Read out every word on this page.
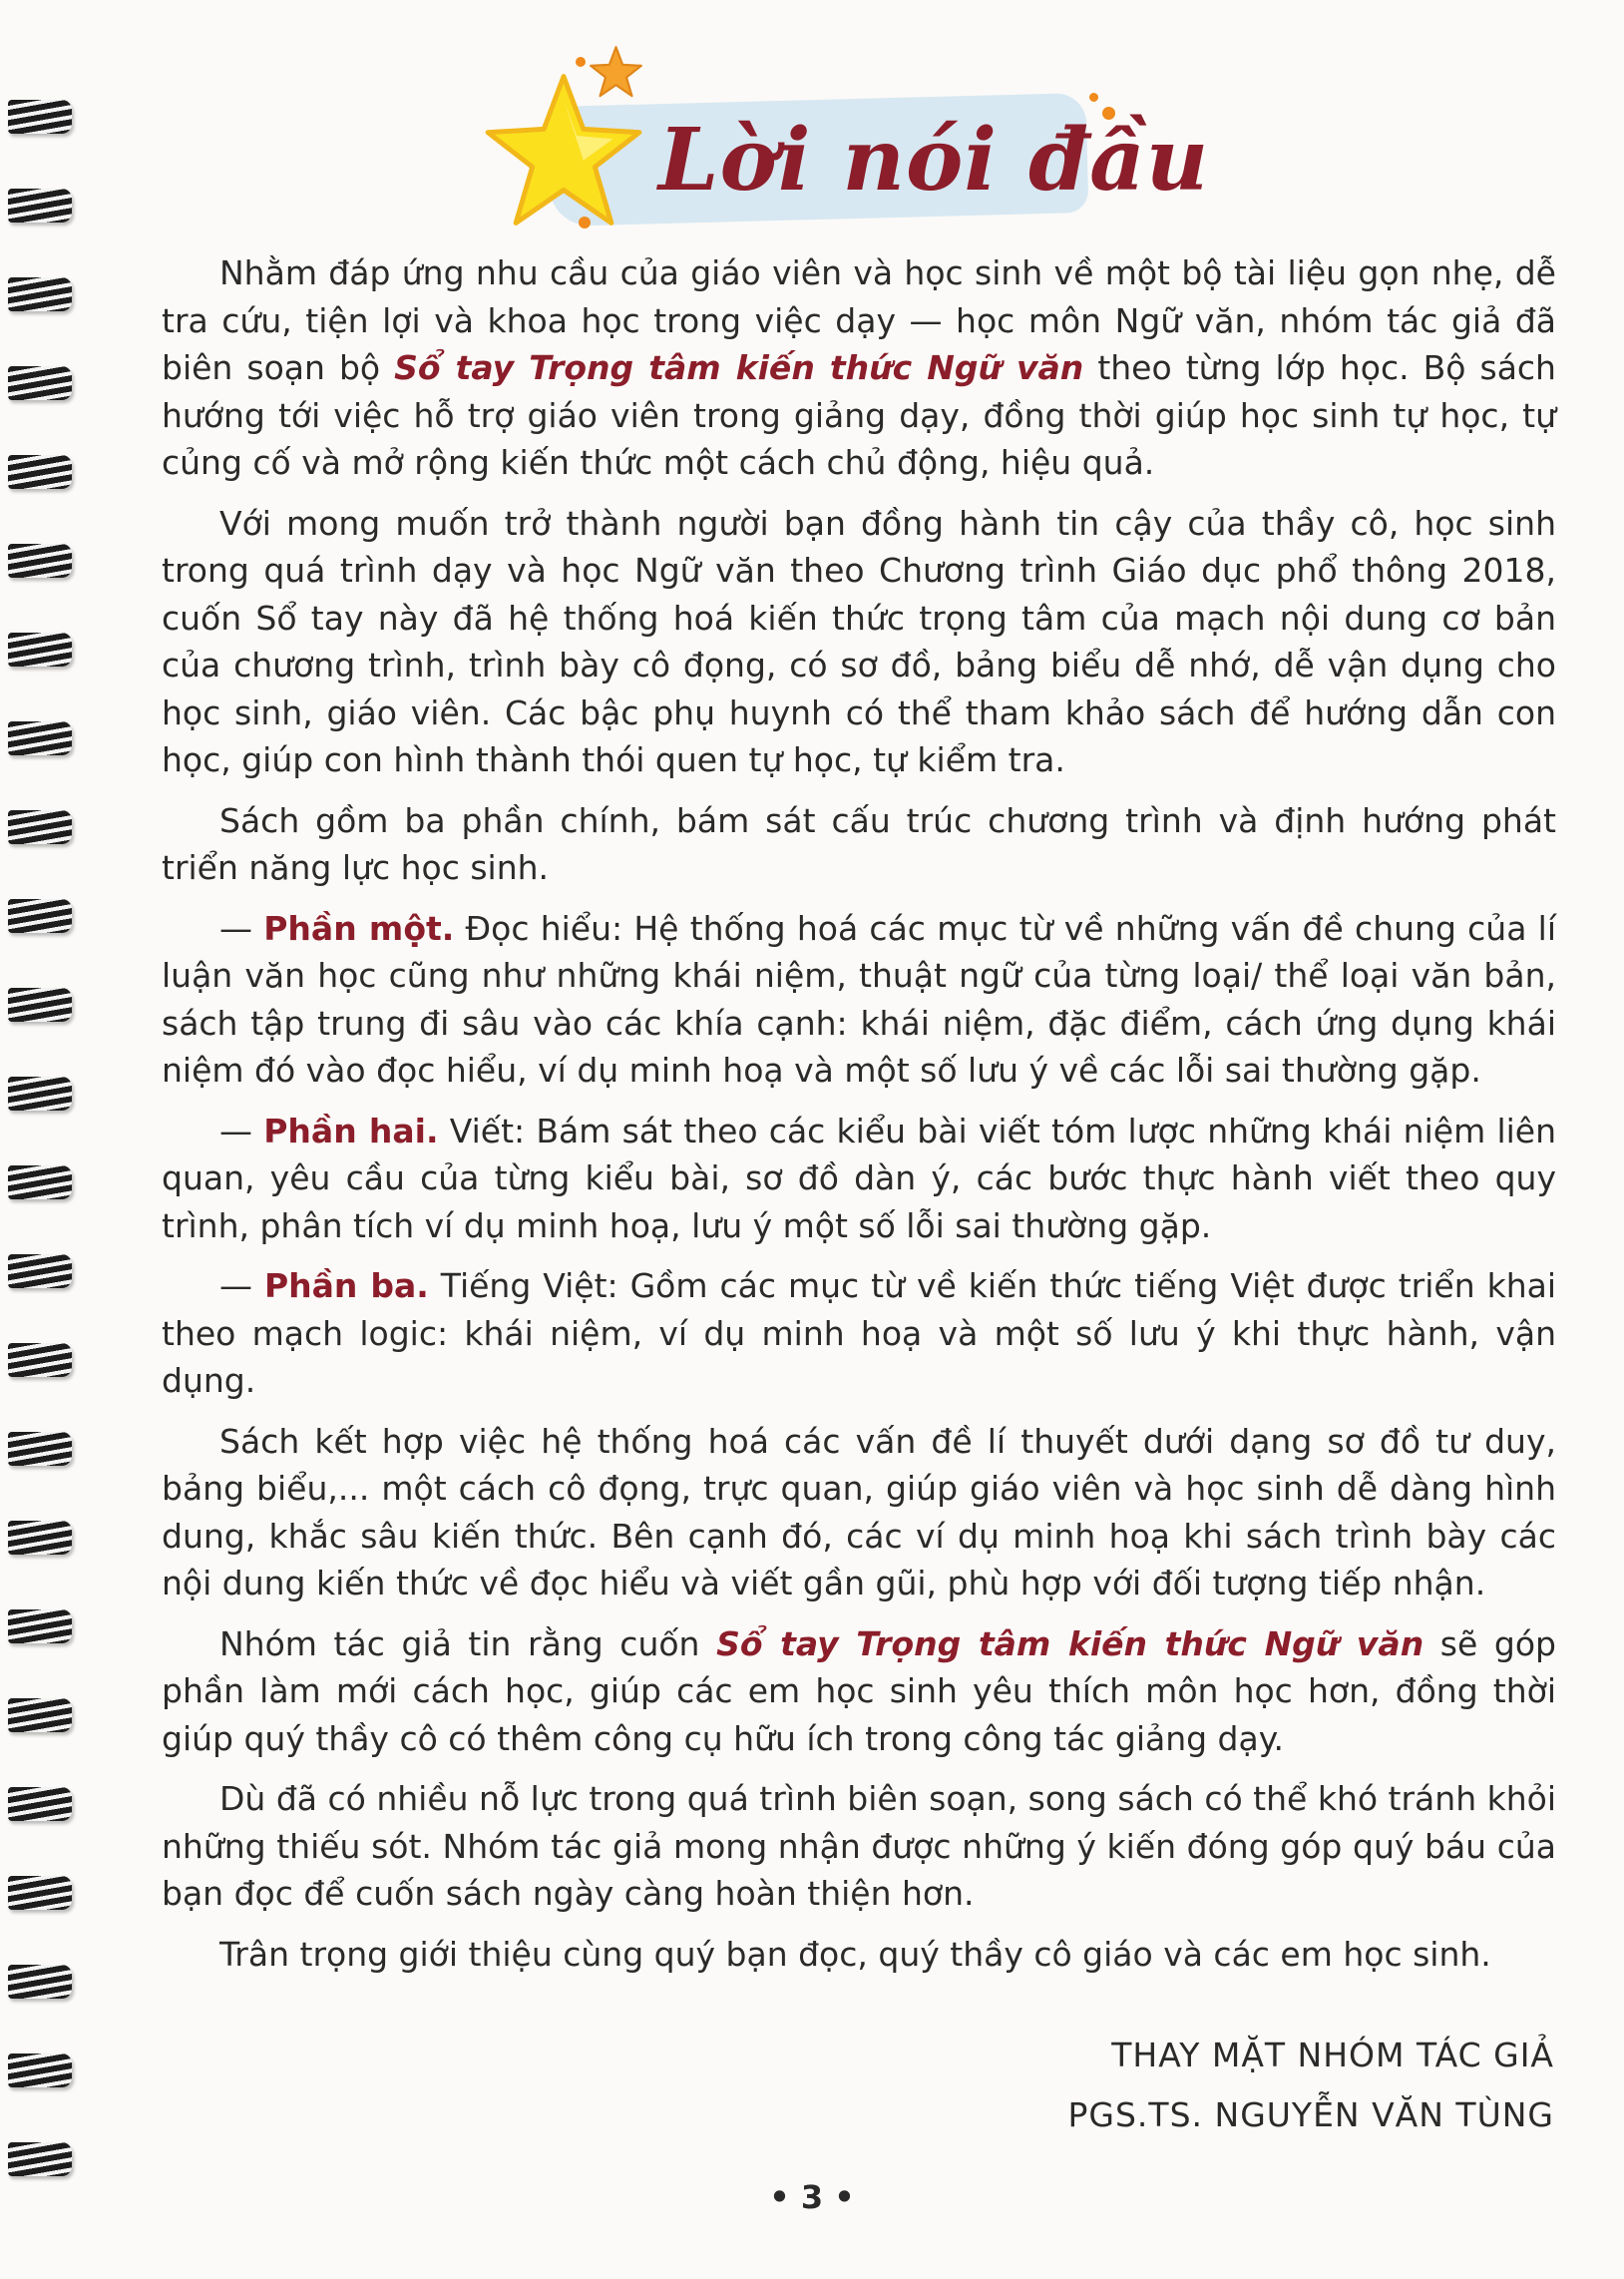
Lời nói đầu

Nhằm đáp ứng nhu cầu của giáo viên và học sinh về một bộ tài liệu gọn nhẹ, dễ tra cứu, tiện lợi và khoa học trong việc dạy — học môn Ngữ văn, nhóm tác giả đã biên soạn bộ Sổ tay Trọng tâm kiến thức Ngữ văn theo từng lớp học. Bộ sách hướng tới việc hỗ trợ giáo viên trong giảng dạy, đồng thời giúp học sinh tự học, tự củng cố và mở rộng kiến thức một cách chủ động, hiệu quả.

Với mong muốn trở thành người bạn đồng hành tin cậy của thầy cô, học sinh trong quá trình dạy và học Ngữ văn theo Chương trình Giáo dục phổ thông 2018, cuốn Sổ tay này đã hệ thống hoá kiến thức trọng tâm của mạch nội dung cơ bản của chương trình, trình bày cô đọng, có sơ đồ, bảng biểu dễ nhớ, dễ vận dụng cho học sinh, giáo viên. Các bậc phụ huynh có thể tham khảo sách để hướng dẫn con học, giúp con hình thành thói quen tự học, tự kiểm tra.

Sách gồm ba phần chính, bám sát cấu trúc chương trình và định hướng phát triển năng lực học sinh.

— Phần một. Đọc hiểu: Hệ thống hoá các mục từ về những vấn đề chung của lí luận văn học cũng như những khái niệm, thuật ngữ của từng loại/ thể loại văn bản, sách tập trung đi sâu vào các khía cạnh: khái niệm, đặc điểm, cách ứng dụng khái niệm đó vào đọc hiểu, ví dụ minh hoạ và một số lưu ý về các lỗi sai thường gặp.

— Phần hai. Viết: Bám sát theo các kiểu bài viết tóm lược những khái niệm liên quan, yêu cầu của từng kiểu bài, sơ đồ dàn ý, các bước thực hành viết theo quy trình, phân tích ví dụ minh hoạ, lưu ý một số lỗi sai thường gặp.

— Phần ba. Tiếng Việt: Gồm các mục từ về kiến thức tiếng Việt được triển khai theo mạch logic: khái niệm, ví dụ minh hoạ và một số lưu ý khi thực hành, vận dụng.

Sách kết hợp việc hệ thống hoá các vấn đề lí thuyết dưới dạng sơ đồ tư duy, bảng biểu,... một cách cô đọng, trực quan, giúp giáo viên và học sinh dễ dàng hình dung, khắc sâu kiến thức. Bên cạnh đó, các ví dụ minh hoạ khi sách trình bày các nội dung kiến thức về đọc hiểu và viết gần gũi, phù hợp với đối tượng tiếp nhận.

Nhóm tác giả tin rằng cuốn Sổ tay Trọng tâm kiến thức Ngữ văn sẽ góp phần làm mới cách học, giúp các em học sinh yêu thích môn học hơn, đồng thời giúp quý thầy cô có thêm công cụ hữu ích trong công tác giảng dạy.

Dù đã có nhiều nỗ lực trong quá trình biên soạn, song sách có thể khó tránh khỏi những thiếu sót. Nhóm tác giả mong nhận được những ý kiến đóng góp quý báu của bạn đọc để cuốn sách ngày càng hoàn thiện hơn.

Trân trọng giới thiệu cùng quý bạn đọc, quý thầy cô giáo và các em học sinh.

THAY MẶT NHÓM TÁC GIẢ
PGS.TS. NGUYỄN VĂN TÙNG
• 3 •
